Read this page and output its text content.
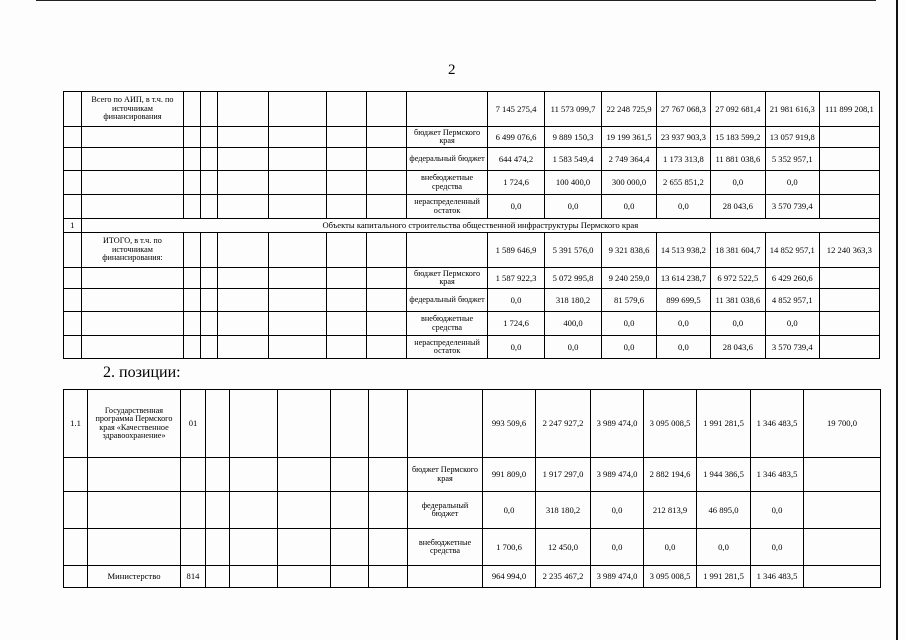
2
	Всего по АИП, в т.ч. по источникам финансирования								7 145 275,4	11 573 099,7	22 248 725,9	27 767 068,3	27 092 681,4	21 981 616,3	111 899 208,1
								бюджет Пермского края	6 499 076,6	9 889 150,3	19 199 361,5	23 937 903,3	15 183 599,2	13 057 919,8	
								федеральный бюджет	644 474,2	1 583 549,4	2 749 364,4	1 173 313,8	11 881 038,6	5 352 957,1	
								внебюджетные средства	1 724,6	100 400,0	300 000,0	2 655 851,2	0,0	0,0	
								нераспределенный остаток	0,0	0,0	0,0	0,0	28 043,6	3 570 739,4	
1	Объекты капитального строительства общественной инфраструктуры Пермского края														
	ИТОГО, в т.ч. по источникам финансирования:								1 589 646,9	5 391 576,0	9 321 838,6	14 513 938,2	18 381 604,7	14 852 957,1	12 240 363,3
								бюджет Пермского края	1 587 922,3	5 072 995,8	9 240 259,0	13 614 238,7	6 972 522,5	6 429 260,6	
								федеральный бюджет	0,0	318 180,2	81 579,6	899 699,5	11 381 038,6	4 852 957,1	
								внебюджетные средства	1 724,6	400,0	0,0	0,0	0,0	0,0	
								нераспределенный остаток	0,0	0,0	0,0	0,0	28 043,6	3 570 739,4	
2. позиции:
1.1	Государственная программа Пермского края «Качественное здравоохранение»	01							993 509,6	2 247 927,2	3 989 474,0	3 095 008,5	1 991 281,5	1 346 483,5	19 700,0
								бюджет Пермского края	991 809,0	1 917 297,0	3 989 474,0	2 882 194,6	1 944 386,5	1 346 483,5	
								федеральный бюджет	0,0	318 180,2	0,0	212 813,9	46 895,0	0,0	
								внебюджетные средства	1 700,6	12 450,0	0,0	0,0	0,0	0,0	
	Министерство	814							964 994,0	2 235 467,2	3 989 474,0	3 095 008,5	1 991 281,5	1 346 483,5	
